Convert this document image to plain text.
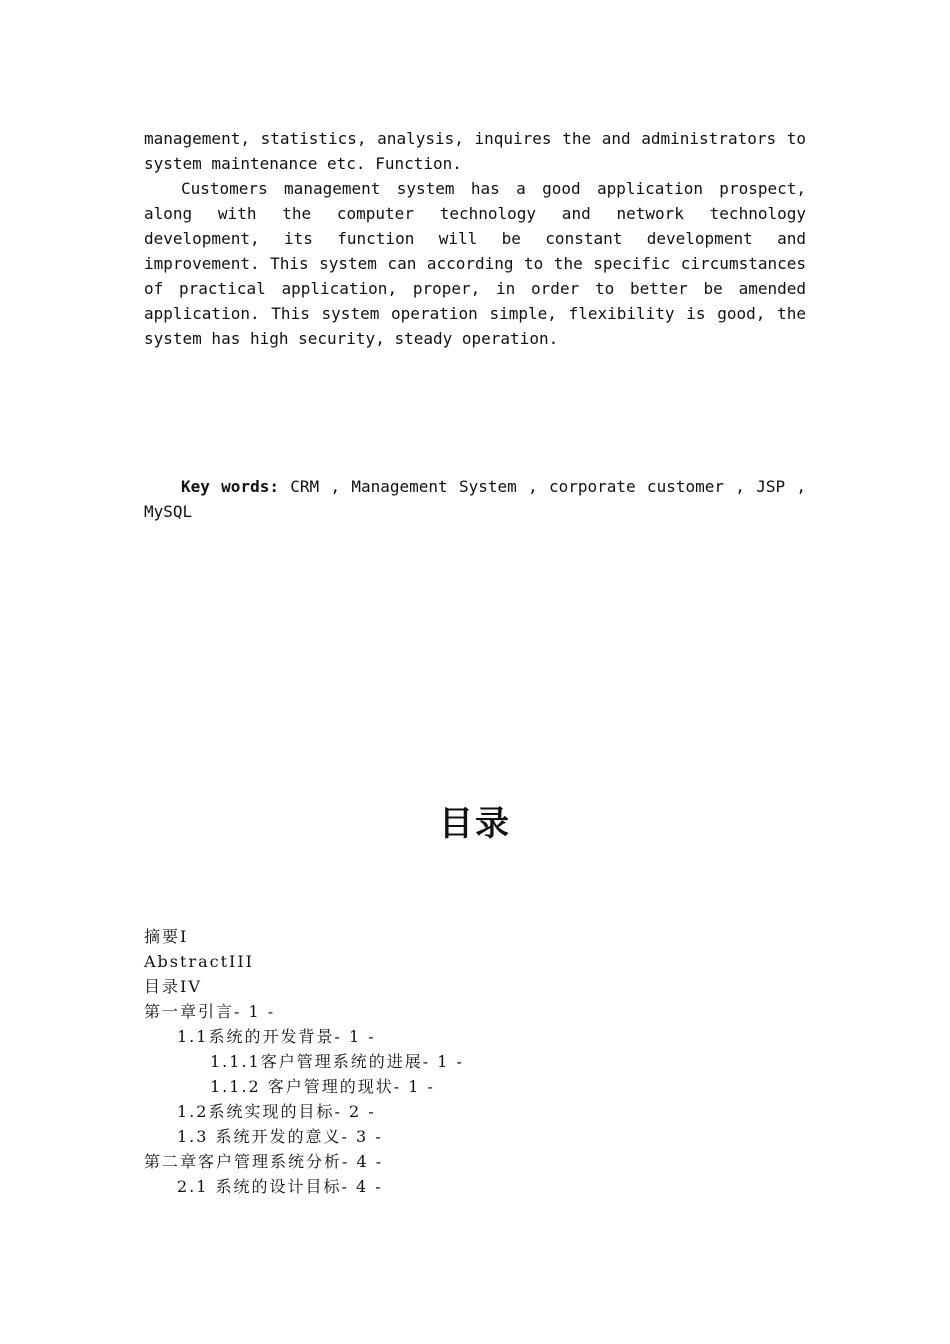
management, statistics, analysis, inquires the and administrators to system maintenance etc. Function.

Customers management system has a good application prospect, along with the computer technology and network technology development, its function will be constant development and improvement. This system can according to the specific circumstances of practical application, proper, in order to better be amended application. This system operation simple, flexibility is good, the system has high security, steady operation.

Key words: CRM , Management System , corporate customer , JSP , MySQL

目录
摘要I
AbstractIII
目录IV
第一章引言- 1 -
1.1系统的开发背景- 1 -
1.1.1客户管理系统的进展- 1 -
1.1.2 客户管理的现状- 1 -
1.2系统实现的目标- 2 -
1.3 系统开发的意义- 3 -
第二章客户管理系统分析- 4 -
2.1 系统的设计目标- 4 -
